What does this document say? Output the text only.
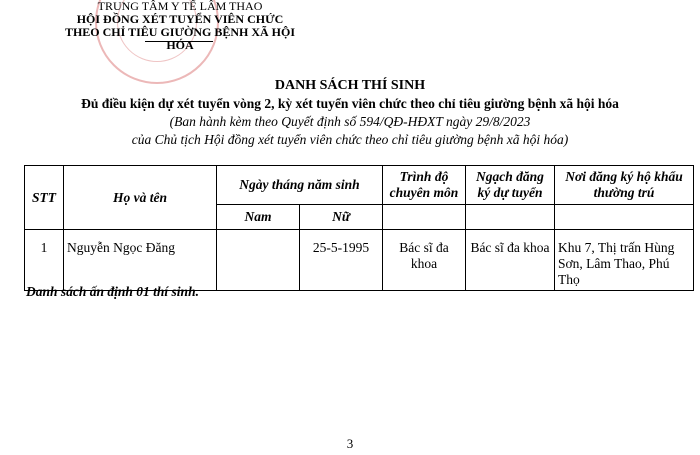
TRUNG TÂM Y TẾ LÂM THAO
HỘI ĐỒNG XÉT TUYỂN VIÊN CHỨC
THEO CHỈ TIÊU GIƯỜNG BỆNH XÃ HỘI HÓA
DANH SÁCH THÍ SINH
Đủ điều kiện dự xét tuyển vòng 2, kỳ xét tuyển viên chức theo chỉ tiêu giường bệnh xã hội hóa
(Ban hành kèm theo Quyết định số 594/QĐ-HĐXT ngày 29/8/2023
của Chủ tịch Hội đồng xét tuyển viên chức theo chỉ tiêu giường bệnh xã hội hóa)
STT	Họ và tên	Ngày tháng năm sinh		Trình độ chuyên môn	Ngạch đăng ký dự tuyển	Nơi đăng ký hộ khẩu thường trú
		Nam	Nữ			
1	Nguyễn Ngọc Đăng		25-5-1995	Bác sĩ đa khoa	Bác sĩ đa khoa	Khu 7, Thị trấn Hùng Sơn, Lâm Thao, Phú Thọ
Danh sách ấn định 01 thí sinh.
3
